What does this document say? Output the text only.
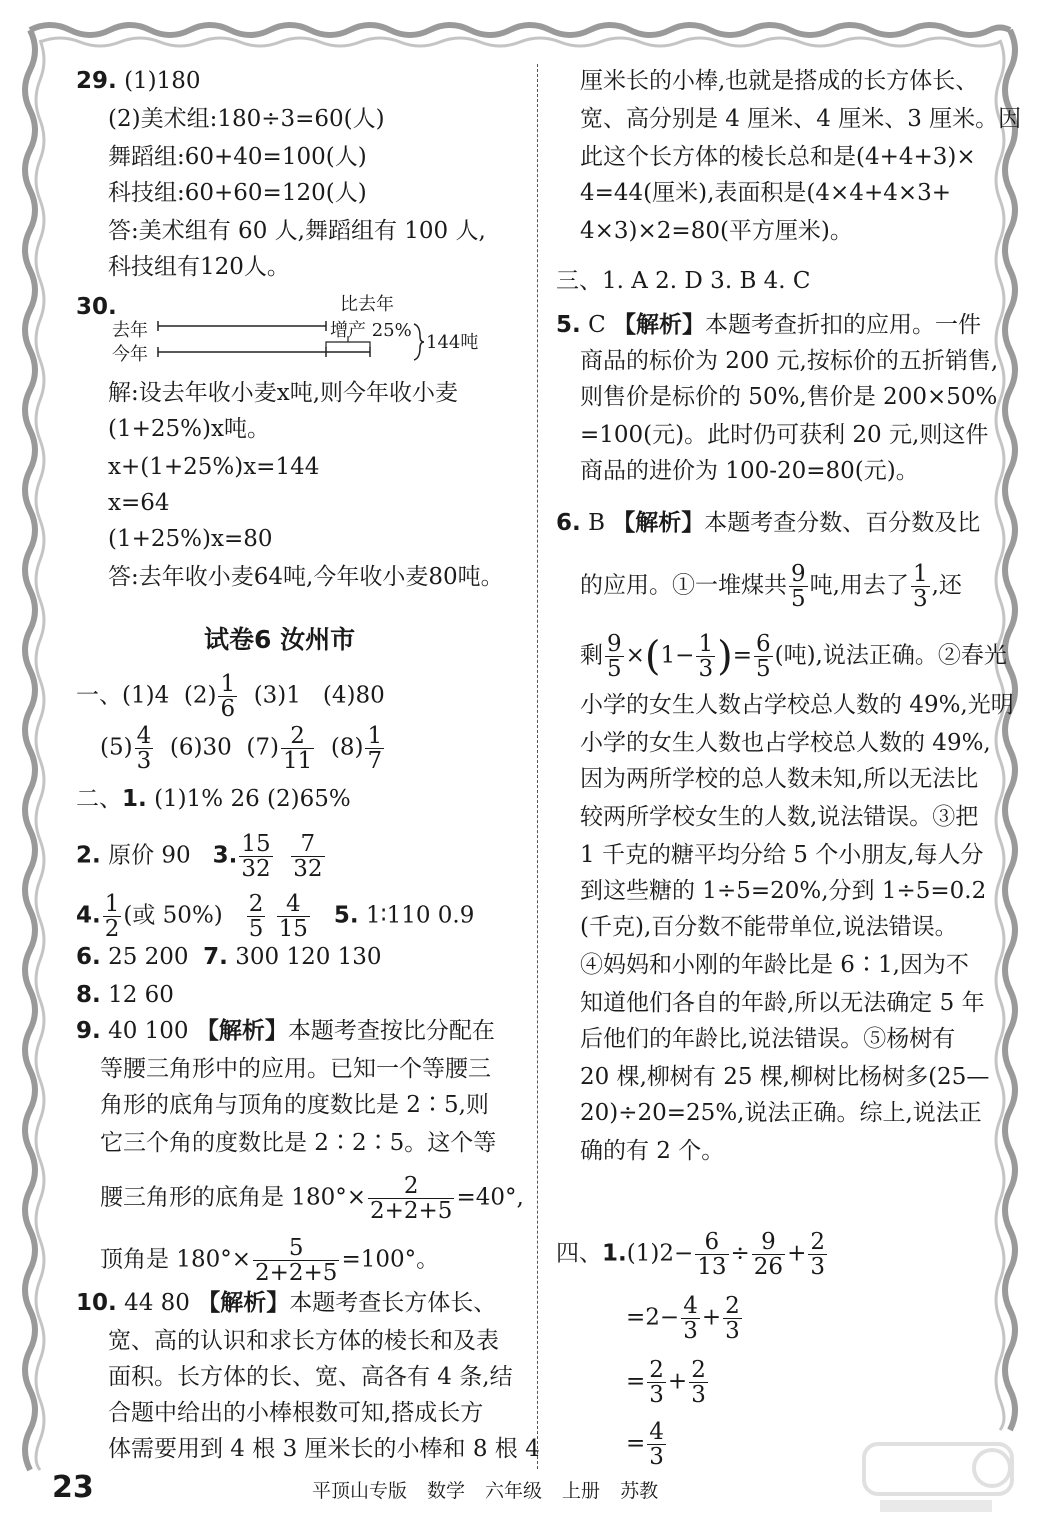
29. (1)180
(2)美术组:180÷3=60(人)
舞蹈组:60+40=100(人)
科技组:60+60=120(人)
答:美术组有 60 人,舞蹈组有 100 人,
科技组有120人。
30.	比去年
去年
今年
增产 25%
144吨
解:设去年收小麦x吨,则今年收小麦
(1+25%)x吨。
x+(1+25%)x=144
x=64
(1+25%)x=80
答:去年收小麦64吨,今年收小麦80吨。
试卷6 汝州市
一、(1)4 $(2) \frac{1}{6} (3)1$ (4)80
$(5) \frac{4}{3} (6)30$ $(7) \frac{2}{11} (8) \frac{1}{7}$
二、1. (1)1% 26 (2)65%
2. 原价 90 3. $\frac{15}{32}$
$\frac{7}{32}$
4. $\frac{1}{2}$ (或 $50\%) \frac{2}{5}$
$\frac{4}{15} 5$. 1∶110 0.9
6. 25 200 7. 300 120 130
8. 12 60
9. 40 100 【解析】本题考查按比分配在
等腰三角形中的应用。已知一个等腰三
角形的底角与顶角的度数比是 2∶5,则
它三个角的度数比是 2∶2∶5。这个等
腰三角形的底角是 $180^\circ\times \frac{2}{2+2+5} =40^\circ$,
顶角是 $180^\circ\times \frac{5}{2+2+5} =100^\circ$。
10. 44 80 【解析】本题考查长方体长、
宽、高的认识和求长方体的棱长和及表
面积。长方体的长、宽、高各有 4 条,结
合题中给出的小棒根数可知,搭成长方
体需要用到 4 根 3 厘米长的小棒和 8 根 4
厘米长的小棒,也就是搭成的长方体长、
宽、高分别是 4 厘米、4 厘米、3 厘米。因
此这个长方体的棱长总和是(4+4+3)×
4=44(厘米),表面积是(4×4+4×3+
4×3)×2=80(平方厘米)。
三、1. A 2. D 3. B 4. C
5. C 【解析】本题考查折扣的应用。一件
商品的标价为 200 元,按标价的五折销售,
则售价是标价的 50%,售价是 200×50%
=100(元)。此时仍可获利 20 元,则这件
商品的进价为 100-20=80(元)。
6. B 【解析】本题考查分数、百分数及比
的应用。①一堆煤共 $\frac{9}{5}$ 吨,用去了 $\frac{1}{3}$ ,还
剩 $\frac{9}{5} \times(1- \frac{1}{3}$ )= $\frac{6}{5}$ (吨),说法正确。②春光
小学的女生人数占学校总人数的 49%,光明
小学的女生人数也占学校总人数的 49%,
因为两所学校的总人数未知,所以无法比
较两所学校女生的人数,说法错误。③把
1 千克的糖平均分给 5 个小朋友,每人分
到这些糖的 1÷5=20%,分到 1÷5=0.2
(千克),百分数不能带单位,说法错误。
④妈妈和小刚的年龄比是 6∶1,因为不
知道他们各自的年龄,所以无法确定 5 年
后他们的年龄比,说法错误。⑤杨树有
20 棵,柳树有 25 棵,柳树比杨树多(25—
20)÷20=25%,说法正确。综上,说法正
确的有 2 个。
四、$1.(1)2- \frac{6}{13} \div \frac{9}{26} + \frac{2}{3}$
$=2- \frac{4}{3} + \frac{2}{3}$
= $\frac{2}{3} + \frac{2}{3}$
= $\frac{4}{3}$
23	平顶山专版 数学 六年级 上册 苏教
